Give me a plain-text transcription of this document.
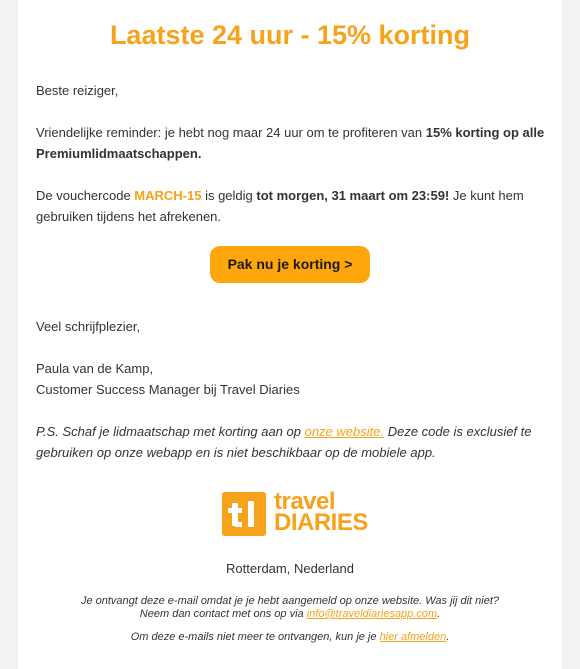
Laatste 24 uur - 15% korting
Beste reiziger,
Vriendelijke reminder: je hebt nog maar 24 uur om te profiteren van 15% korting op alle Premiumlidmaatschappen.
De vouchercode MARCH-15 is geldig tot morgen, 31 maart om 23:59! Je kunt hem gebruiken tijdens het afrekenen.
Pak nu je korting >
Veel schrijfplezier,
Paula van de Kamp,
Customer Success Manager bij Travel Diaries
P.S. Schaf je lidmaatschap met korting aan op onze website. Deze code is exclusief te gebruiken op onze webapp en is niet beschikbaar op de mobiele app.
travel
DIARIES
Rotterdam, Nederland
Je ontvangt deze e-mail omdat je je hebt aangemeld op onze website. Was jij dit niet?
Neem dan contact met ons op via info@traveldiariesapp.com.
Om deze e-mails niet meer te ontvangen, kun je je hier afmelden.
